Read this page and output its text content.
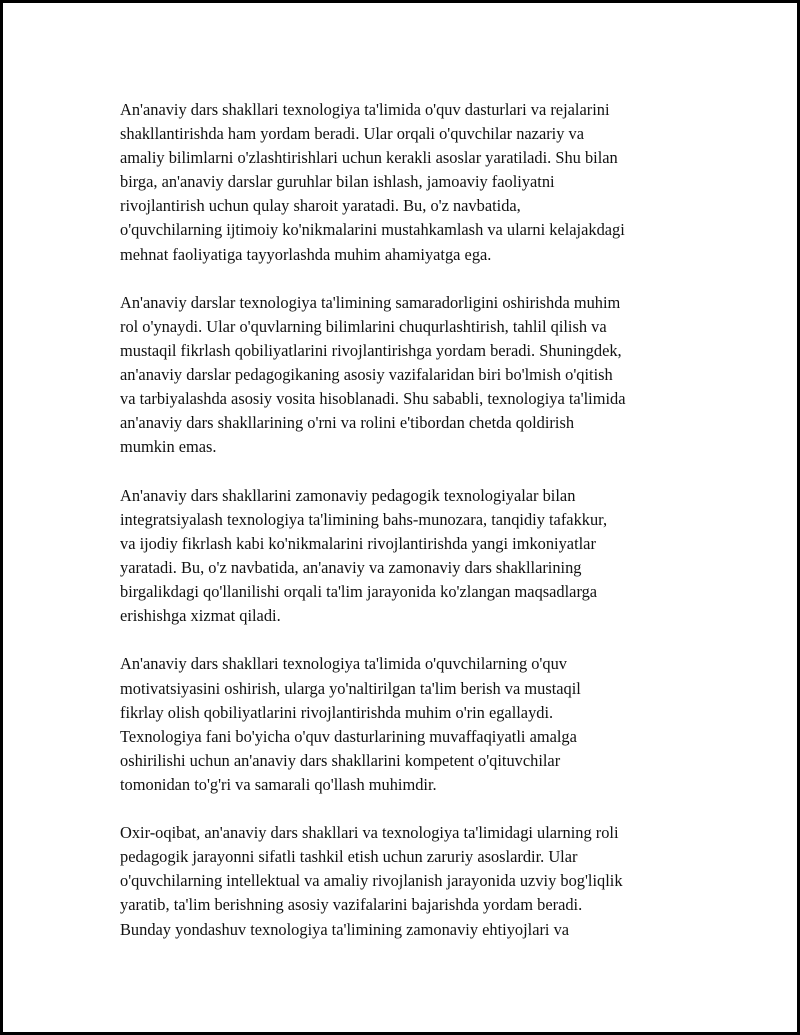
An'anaviy dars shakllari texnologiya ta'limida o'quv dasturlari va rejalarini
shakllantirishda ham yordam beradi. Ular orqali o'quvchilar nazariy va
amaliy bilimlarni o'zlashtirishlari uchun kerakli asoslar yaratiladi. Shu bilan
birga, an'anaviy darslar guruhlar bilan ishlash, jamoaviy faoliyatni
rivojlantirish uchun qulay sharoit yaratadi. Bu, o'z navbatida,
o'quvchilarning ijtimoiy ko'nikmalarini mustahkamlash va ularni kelajakdagi
mehnat faoliyatiga tayyorlashda muhim ahamiyatga ega.

An'anaviy darslar texnologiya ta'limining samaradorligini oshirishda muhim
rol o'ynaydi. Ular o'quvlarning bilimlarini chuqurlashtirish, tahlil qilish va
mustaqil fikrlash qobiliyatlarini rivojlantirishga yordam beradi. Shuningdek,
an'anaviy darslar pedagogikaning asosiy vazifalaridan biri bo'lmish o'qitish
va tarbiyalashda asosiy vosita hisoblanadi. Shu sababli, texnologiya ta'limida
an'anaviy dars shakllarining o'rni va rolini e'tibordan chetda qoldirish
mumkin emas.

An'anaviy dars shakllarini zamonaviy pedagogik texnologiyalar bilan
integratsiyalash texnologiya ta'limining bahs-munozara, tanqidiy tafakkur,
va ijodiy fikrlash kabi ko'nikmalarini rivojlantirishda yangi imkoniyatlar
yaratadi. Bu, o'z navbatida, an'anaviy va zamonaviy dars shakllarining
birgalikdagi qo'llanilishi orqali ta'lim jarayonida ko'zlangan maqsadlarga
erishishga xizmat qiladi.

An'anaviy dars shakllari texnologiya ta'limida o'quvchilarning o'quv
motivatsiyasini oshirish, ularga yo'naltirilgan ta'lim berish va mustaqil
fikrlay olish qobiliyatlarini rivojlantirishda muhim o'rin egallaydi.
Texnologiya fani bo'yicha o'quv dasturlarining muvaffaqiyatli amalga
oshirilishi uchun an'anaviy dars shakllarini kompetent o'qituvchilar
tomonidan to'g'ri va samarali qo'llash muhimdir.

Oxir-oqibat, an'anaviy dars shakllari va texnologiya ta'limidagi ularning roli
pedagogik jarayonni sifatli tashkil etish uchun zaruriy asoslardir. Ular
o'quvchilarning intellektual va amaliy rivojlanish jarayonida uzviy bog'liqlik
yaratib, ta'lim berishning asosiy vazifalarini bajarishda yordam beradi.
Bunday yondashuv texnologiya ta'limining zamonaviy ehtiyojlari va
